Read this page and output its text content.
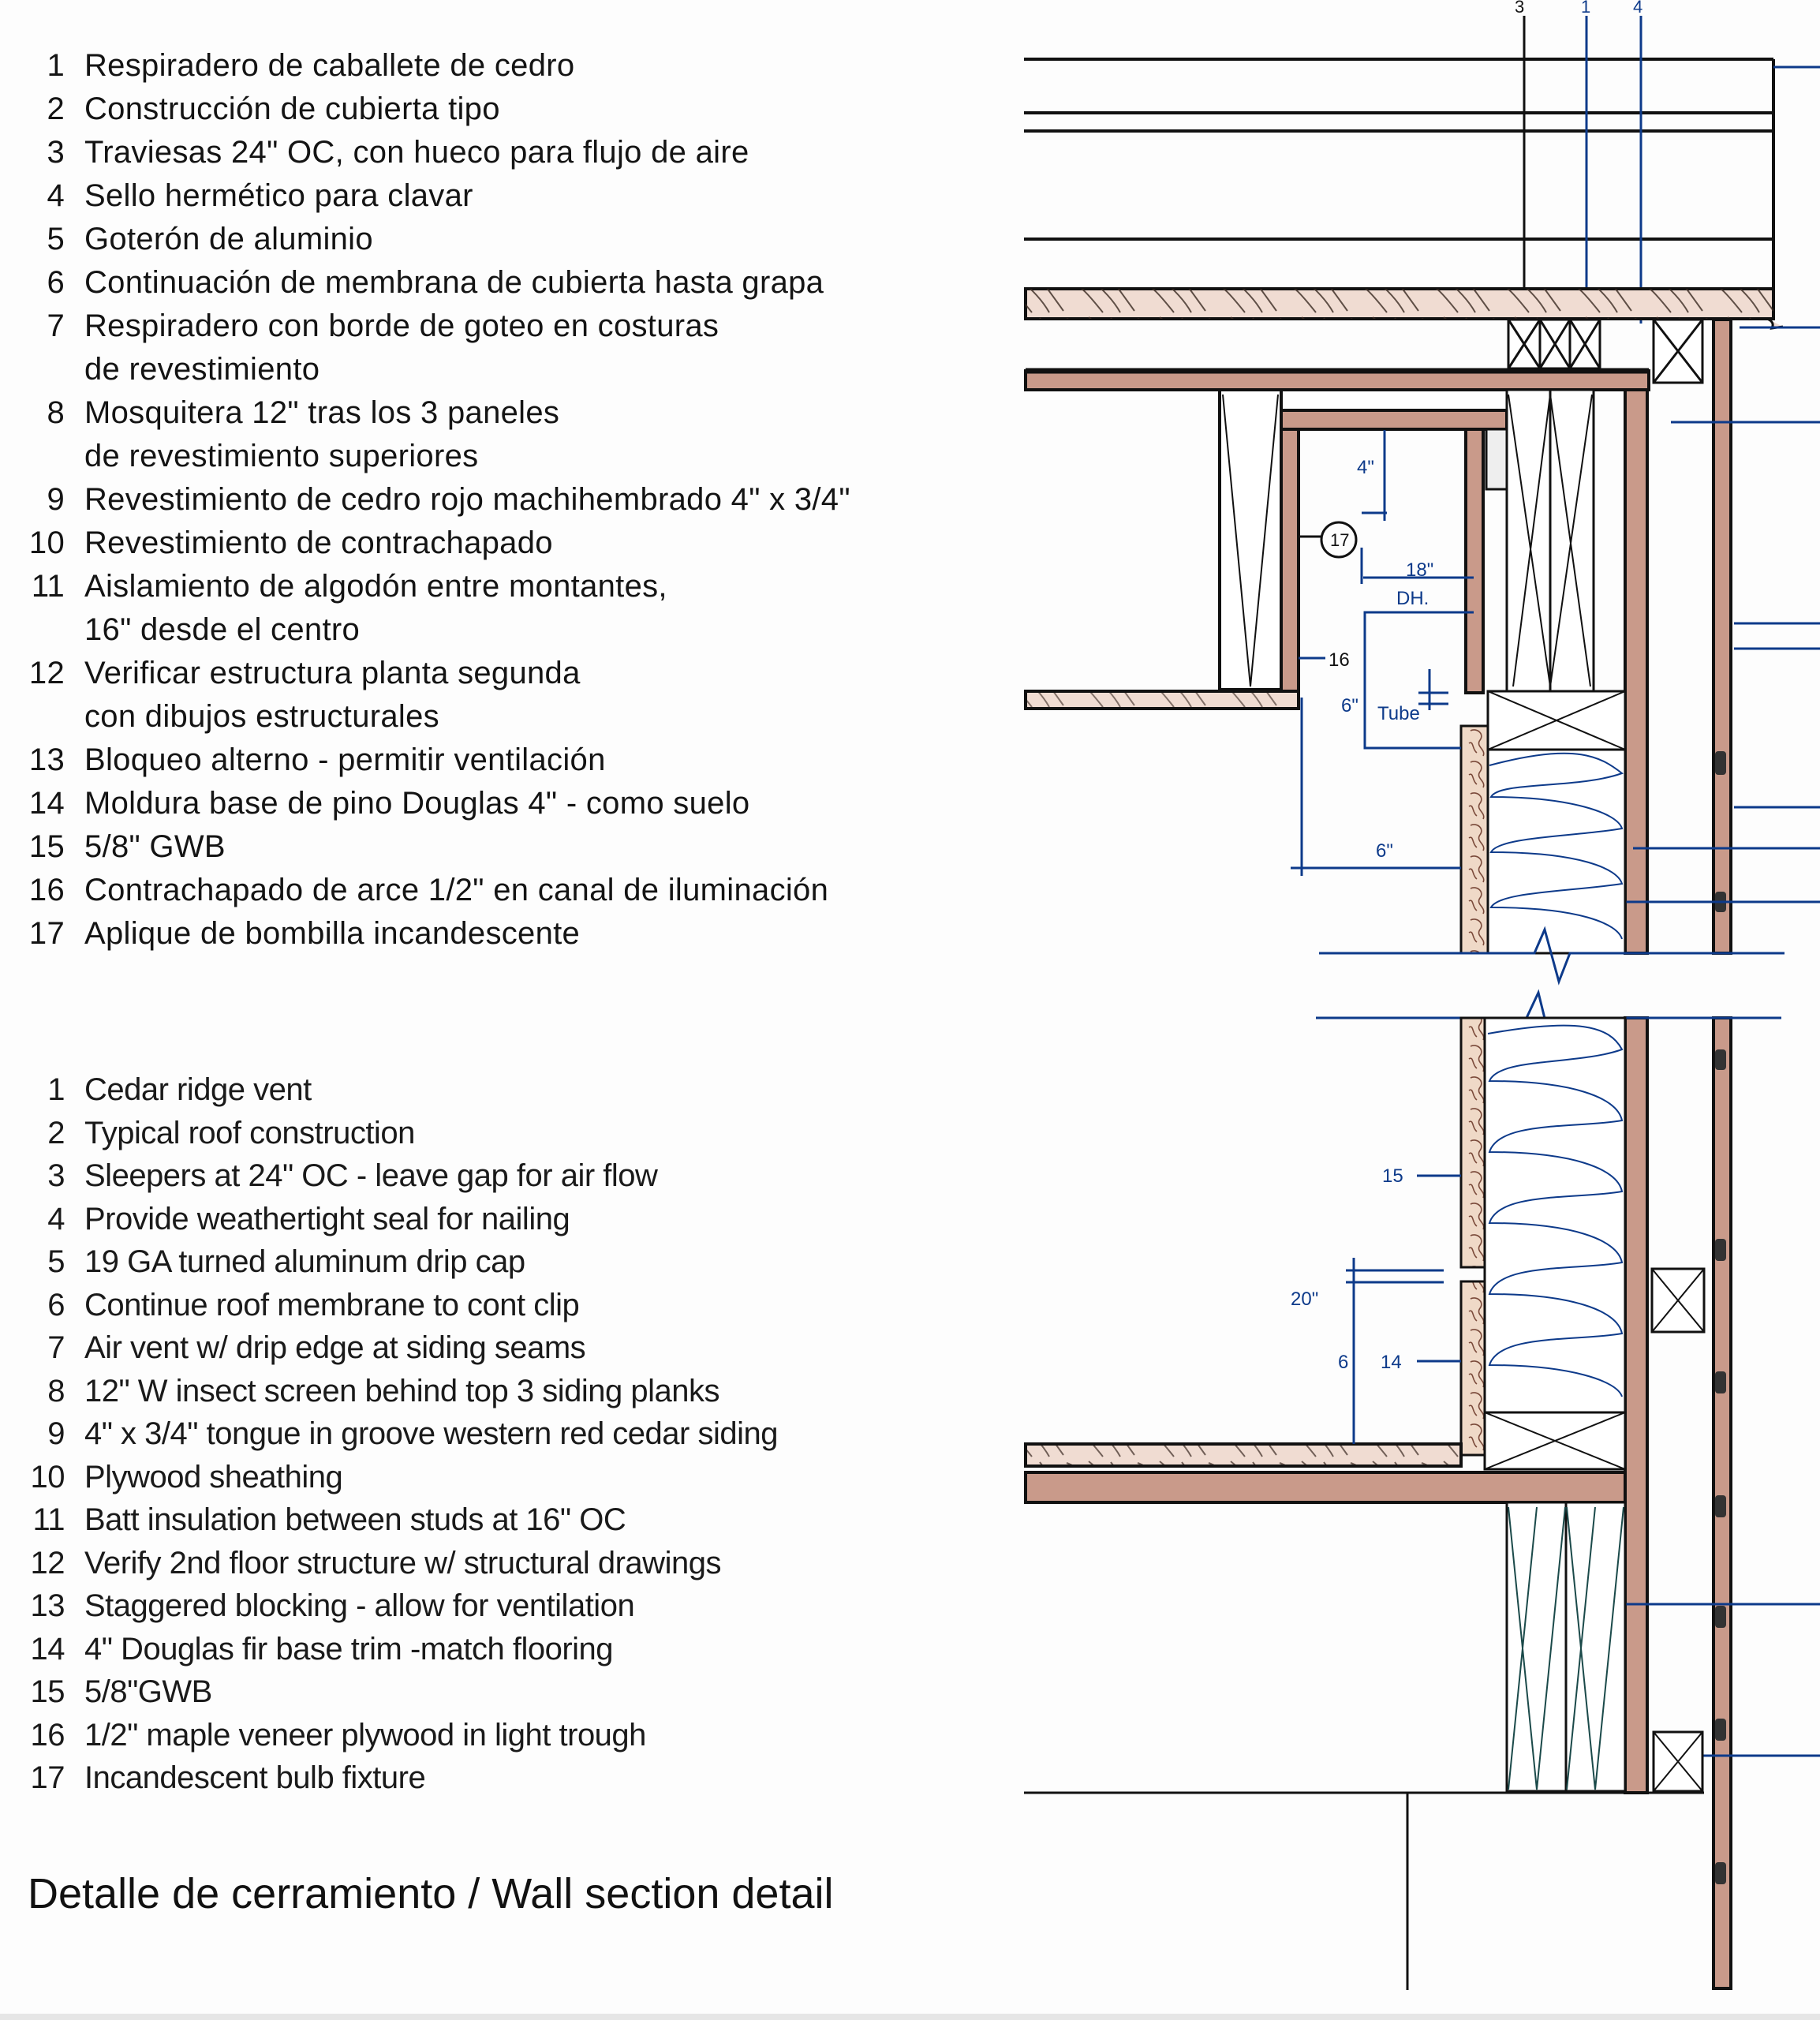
1 Respiradero de caballete de cedro
2 Construcción de cubierta tipo
3 Traviesas 24" OC, con hueco para flujo de aire
4 Sello hermético para clavar
5 Goterón de aluminio
6 Continuación de membrana de cubierta hasta grapa
7 Respiradero con borde de goteo en costuras
de revestimiento
8 Mosquitera 12" tras los 3 paneles
de revestimiento superiores
9 Revestimiento de cedro rojo machihembrado 4" x 3/4"
10 Revestimiento de contrachapado
11 Aislamiento de algodón entre montantes,
16" desde el centro
12 Verificar estructura planta segunda
con dibujos estructurales
13 Bloqueo alterno - permitir ventilación
14 Moldura base de pino Douglas 4" - como suelo
15 5/8" GWB
16 Contrachapado de arce 1/2" en canal de iluminación
17 Aplique de bombilla incandescente
1 Cedar ridge vent
2 Typical roof construction
3 Sleepers at 24" OC - leave gap for air flow
4 Provide weathertight seal for nailing
5 19 GA turned aluminum drip cap
6 Continue roof membrane to cont clip
7 Air vent w/ drip edge at siding seams
8 12" W insect screen behind top 3 siding planks
9 4" x 3/4" tongue in groove western red cedar siding
10 Plywood sheathing
11 Batt insulation between studs at 16" OC
12 Verify 2nd floor structure w/ structural drawings
13 Staggered blocking - allow for ventilation
14 4" Douglas fir base trim -match flooring
15 5/8"GWB
16 1/2" maple veneer plywood in light trough
17 Incandescent bulb fixture
Detalle de cerramiento / Wall section detail
3	1 4
17
4"
18"
DH.
16
6" Tube
6"
15
20"
6 14
